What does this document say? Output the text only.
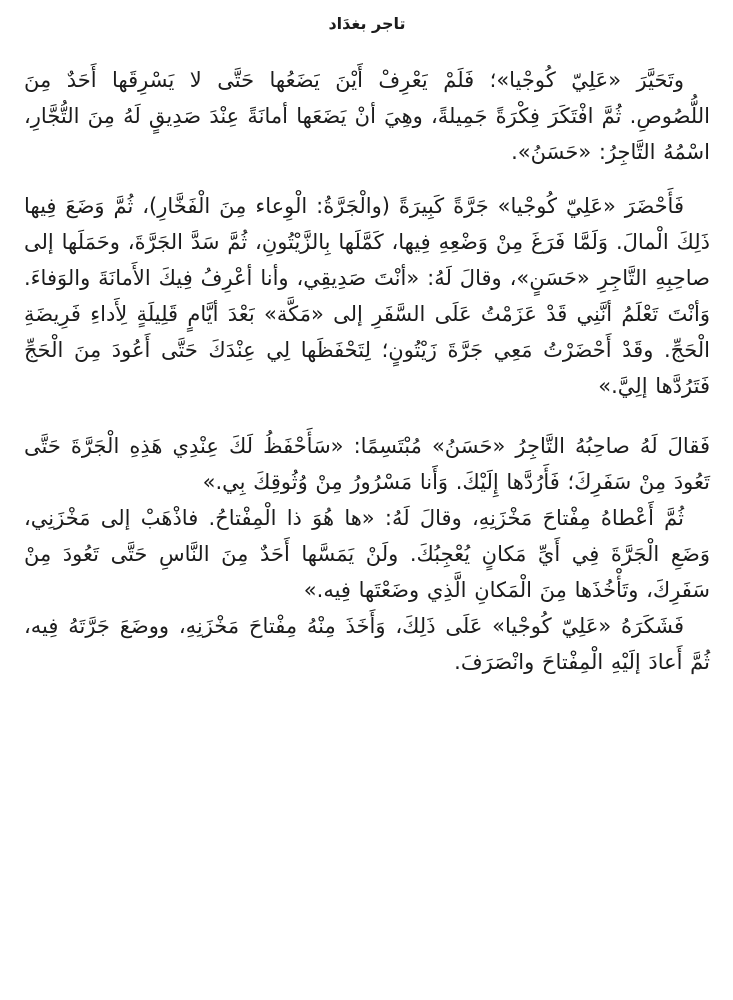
تاجر بغدَاد

وتَحَيَّرَ «عَلِيّ كُوجْيا»؛ فَلَمْ يَعْرِفْ أَيْنَ يَضَعُها حَتَّى لا يَسْرِقَها أَحَدٌ مِنَ اللُّصُوصِ. ثُمَّ افْتَكَرَ فِكْرَةً جَمِيلةً، وهِيَ أنْ يَضَعَها أمانَةً عِنْدَ صَدِيقٍ لَهُ مِنَ التُّجَّارِ، اسْمُهُ التَّاجِرُ: «حَسَنُ».

فَأَحْضَرَ «عَلِيّ كُوجْيا» جَرَّةً كَبِيرَةً (والْجَرَّةُ: الْوِعاء مِنَ الْفَخَّارِ)، ثُمَّ وَضَعَ فِيها ذَلِكَ الْمالَ. وَلَمَّا فَرَغَ مِنْ وَضْعِهِ فِيها، كَمَّلَها بِالزَّيْتُونِ، ثُمَّ سَدَّ الجَرَّةَ، وحَمَلَها إلى صاحِبِهِ التَّاجِرِ «حَسَنٍ»، وقالَ لَهُ: «أنْتَ صَدِيقِي، وأنا أعْرِفُ فِيكَ الأَمانَةَ والوَفاءَ. وَأنْتَ تَعْلَمُ أنَّنِي قَدْ عَزَمْتُ عَلَى السَّفَرِ إلى «مَكَّة» بَعْدَ أيَّامٍ قَلِيلَةٍ لِأَداءِ فَرِيضَةِ الْحَجِّ. وقَدْ أَحْضَرْتُ مَعِي جَرَّةَ زَيْتُونٍ؛ لِتَحْفَظَها لِي عِنْدَكَ حَتَّى أَعُودَ مِنَ الْحَجِّ فَتَرُدَّها إلِيَّ.»

فَقالَ لَهُ صاحِبُهُ التَّاجِرُ «حَسَنُ» مُبْتَسِمًا: «سَأَحْفَظُ لَكَ عِنْدِي هَذِهِ الْجَرَّةَ حَتَّى تَعُودَ مِنْ سَفَرِكَ؛ فَأَرُدَّها إِلَيْكَ. وَأَنا مَسْرُورُ مِنْ وُثُوقِكَ بِي.»

ثُمَّ أَعْطاهُ مِفْتاحَ مَخْزَنِهِ، وقالَ لَهُ: «ها هُوَ ذا الْمِفْتاحُ. فاذْهَبْ إلى مَخْزَنِي، وَضَعِ الْجَرَّةَ فِي أَيِّ مَكانٍ يُعْجِبُكَ. ولَنْ يَمَسَّها أَحَدٌ مِنَ النَّاسِ حَتَّى تَعُودَ مِنْ سَفَرِكَ، وتَأْخُذَها مِنَ الْمَكانِ الَّذِي وضَعْتَها فِيه.»

فَشَكَرَهُ «عَلِيّ كُوجْيا» عَلَى ذَلِكَ، وَأَخَذَ مِنْهُ مِفْتاحَ مَخْزَنِهِ، ووضَعَ جَرَّتَهُ فِيه، ثُمَّ أَعادَ إلَيْهِ الْمِفْتاحَ وانْصَرَفَ.
